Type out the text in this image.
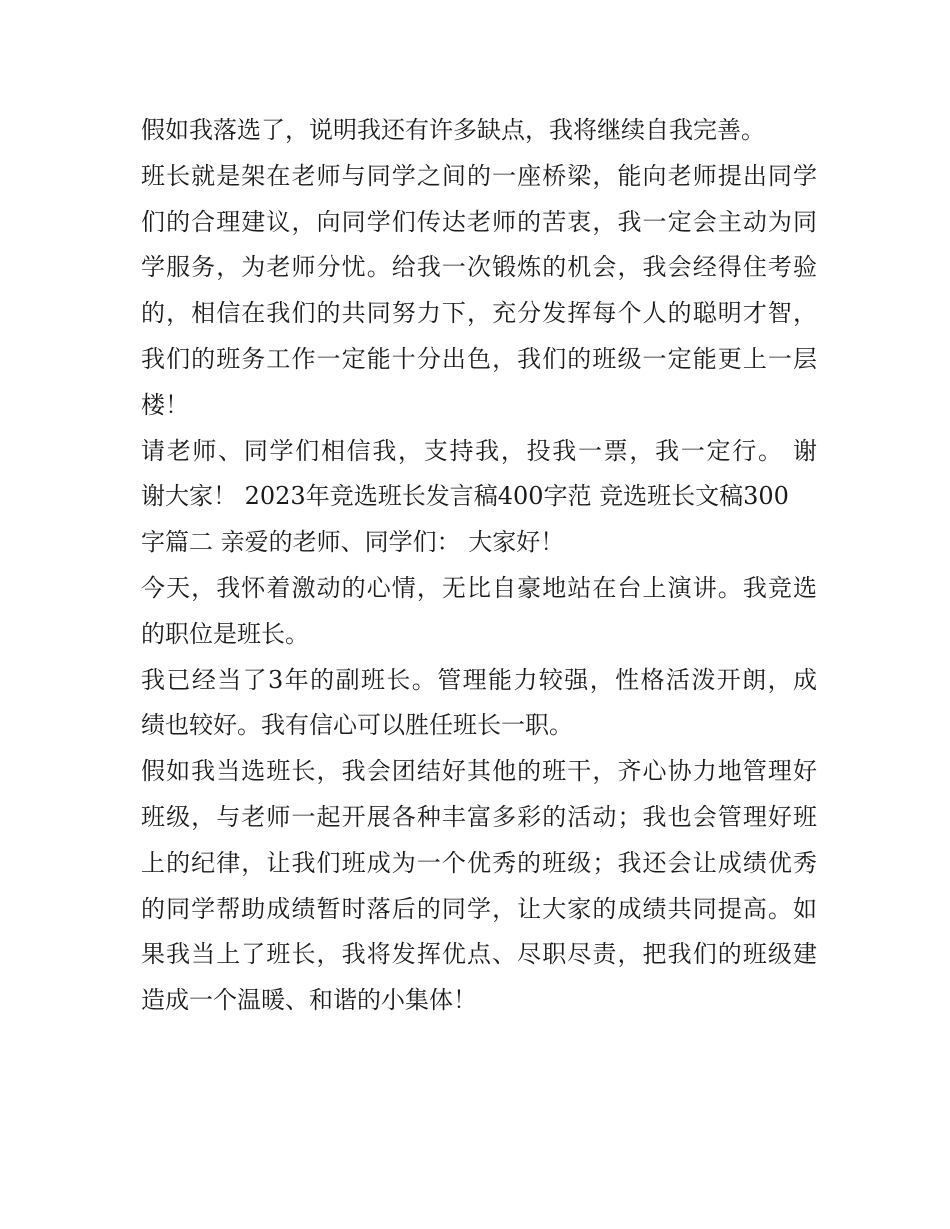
假如我落选了，说明我还有许多缺点，我将继续自我完善。
班长就是架在老师与同学之间的一座桥梁，能向老师提出同学
们的合理建议，向同学们传达老师的苦衷，我一定会主动为同
学服务，为老师分忧。给我一次锻炼的机会，我会经得住考验
的，相信在我们的共同努力下，充分发挥每个人的聪明才智，
我们的班务工作一定能十分出色，我们的班级一定能更上一层
楼！
请老师、同学们相信我，支持我，投我一票，我一定行。 谢
谢大家！ 2023年竞选班长发言稿400字范 竞选班长文稿300
字篇二 亲爱的老师、同学们： 大家好！
今天，我怀着激动的心情，无比自豪地站在台上演讲。我竞选
的职位是班长。
我已经当了3年的副班长。管理能力较强，性格活泼开朗，成
绩也较好。我有信心可以胜任班长一职。
假如我当选班长，我会团结好其他的班干，齐心协力地管理好
班级，与老师一起开展各种丰富多彩的活动；我也会管理好班
上的纪律，让我们班成为一个优秀的班级；我还会让成绩优秀
的同学帮助成绩暂时落后的同学，让大家的成绩共同提高。如
果我当上了班长，我将发挥优点、尽职尽责，把我们的班级建
造成一个温暖、和谐的小集体！
